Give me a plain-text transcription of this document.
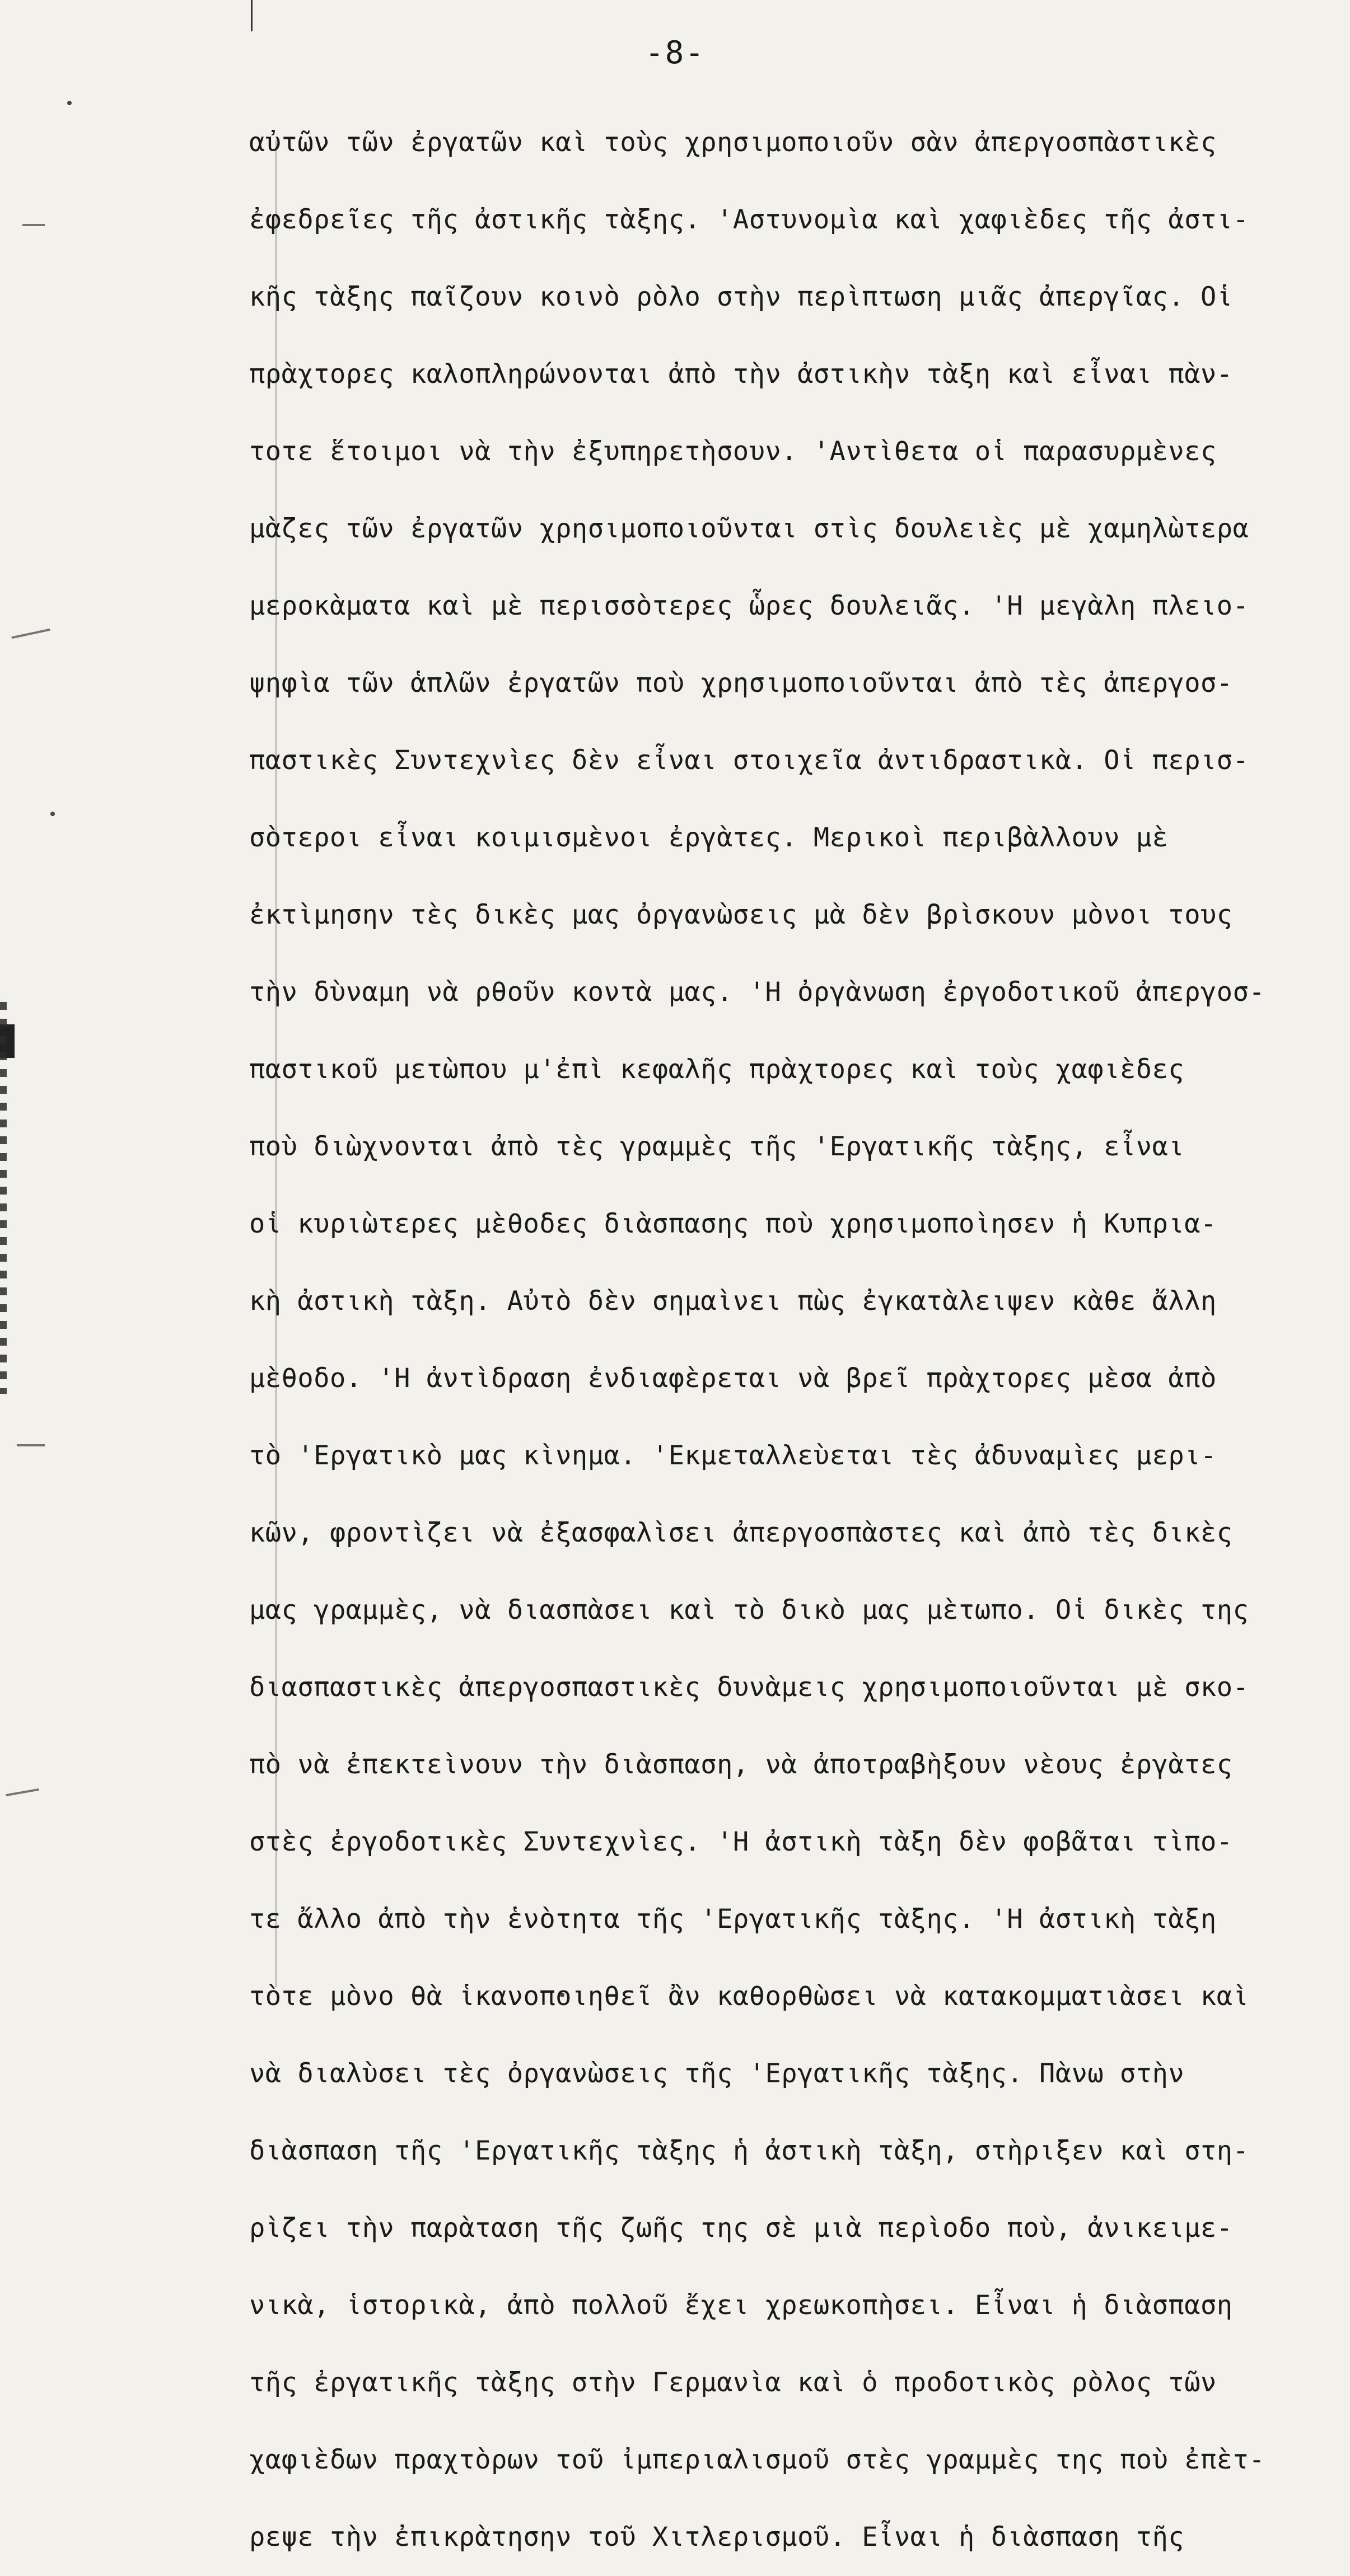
-8-
αὐτῶν τῶν ἐργατῶν καὶ τοὺς χρησιμοποιοῦν σὰν ἀπεργοσπὰστικὲς
ἐφεδρεῖες τῆς ἀστικῆς τὰξης. 'Αστυνομὶα καὶ χαφιὲδες τῆς ἀστι-
κῆς τὰξης παῖζουν κοινὸ ρὸλο στὴν περὶπτωση μιᾶς ἀπεργῖας. Οἱ
πρὰχτορες καλοπληρώνονται ἀπὸ τὴν ἀστικὴν τὰξη καὶ εἶναι πὰν-
τοτε ἕτοιμοι νὰ τὴν ἐξυπηρετὴσουν. 'Αντὶθετα οἱ παρασυρμὲνες
μὰζες τῶν ἐργατῶν χρησιμοποιοῦνται στὶς δουλειὲς μὲ χαμηλὼτερα
μεροκὰματα καὶ μὲ περισσὸτερες ὧρες δουλειᾶς. 'Η μεγὰλη πλειο-
ψηφὶα τῶν ἁπλῶν ἐργατῶν ποὺ χρησιμοποιοῦνται ἀπὸ τὲς ἀπεργοσ-
παστικὲς Συντεχνὶες δὲν εἶναι στοιχεῖα ἀντιδραστικὰ. Οἱ περισ-
σὸτεροι εἶναι κοιμισμὲνοι ἐργὰτες. Μερικοὶ περιβὰλλουν μὲ
ἐκτὶμησην τὲς δικὲς μας ὀργανὼσεις μὰ δὲν βρὶσκουν μὸνοι τους
τὴν δὺναμη νὰ ρθοῦν κοντὰ μας. 'Η ὀργὰνωση ἐργοδοτικοῦ ἀπεργοσ-
παστικοῦ μετὼπου μ'ἐπὶ κεφαλῆς πρὰχτορες καὶ τοὺς χαφιὲδες
ποὺ διὼχνονται ἀπὸ τὲς γραμμὲς τῆς 'Εργατικῆς τὰξης, εἶναι
οἱ κυριὼτερες μὲθοδες διὰσπασης ποὺ χρησιμοποὶησεν ἡ Κυπρια-
κὴ ἀστικὴ τὰξη. Αὐτὸ δὲν σημαὶνει πὼς ἐγκατὰλειψεν κὰθε ἄλλη
μὲθοδο. 'Η ἀντὶδραση ἐνδιαφὲρεται νὰ βρεῖ πρὰχτορες μὲσα ἀπὸ
τὸ 'Εργατικὸ μας κὶνημα. 'Εκμεταλλεὺεται τὲς ἀδυναμὶες μερι-
κῶν, φροντὶζει νὰ ἐξασφαλὶσει ἀπεργοσπὰστες καὶ ἀπὸ τὲς δικὲς
μας γραμμὲς, νὰ διασπὰσει καὶ τὸ δικὸ μας μὲτωπο. Οἱ δικὲς της
διασπαστικὲς ἀπεργοσπαστικὲς δυνὰμεις χρησιμοποιοῦνται μὲ σκο-
πὸ νὰ ἐπεκτεὶνουν τὴν διὰσπαση, νὰ ἀποτραβὴξουν νὲους ἐργὰτες
στὲς ἐργοδοτικὲς Συντεχνὶες. 'Η ἀστικὴ τὰξη δὲν φοβᾶται τὶπο-
τε ἄλλο ἀπὸ τὴν ἑνὸτητα τῆς 'Εργατικῆς τὰξης. 'Η ἀστικὴ τὰξη
τὸτε μὸνο θὰ ἱκανοποιηθεῖ ἂν καθορθὼσει νὰ κατακομματιὰσει καὶ
νὰ διαλὺσει τὲς ὀργανὼσεις τῆς 'Εργατικῆς τὰξης. Πὰνω στὴν
διὰσπαση τῆς 'Εργατικῆς τὰξης ἡ ἀστικὴ τὰξη, στὴριξεν καὶ στη-
ρὶζει τὴν παρὰταση τῆς ζωῆς της σὲ μιὰ περὶοδο ποὺ, ἀνικειμε-
νικὰ, ἱστορικὰ, ἀπὸ πολλοῦ ἔχει χρεωκοπὴσει. Εἶναι ἡ διὰσπαση
τῆς ἐργατικῆς τὰξης στὴν Γερμανὶα καὶ ὁ προδοτικὸς ρὸλος τῶν
χαφιὲδων πραχτὸρων τοῦ ἰμπεριαλισμοῦ στὲς γραμμὲς της ποὺ ἐπὲτ-
ρεψε τὴν ἐπικρὰτησην τοῦ Χιτλερισμοῦ. Εἶναι ἡ διὰσπαση τῆς
